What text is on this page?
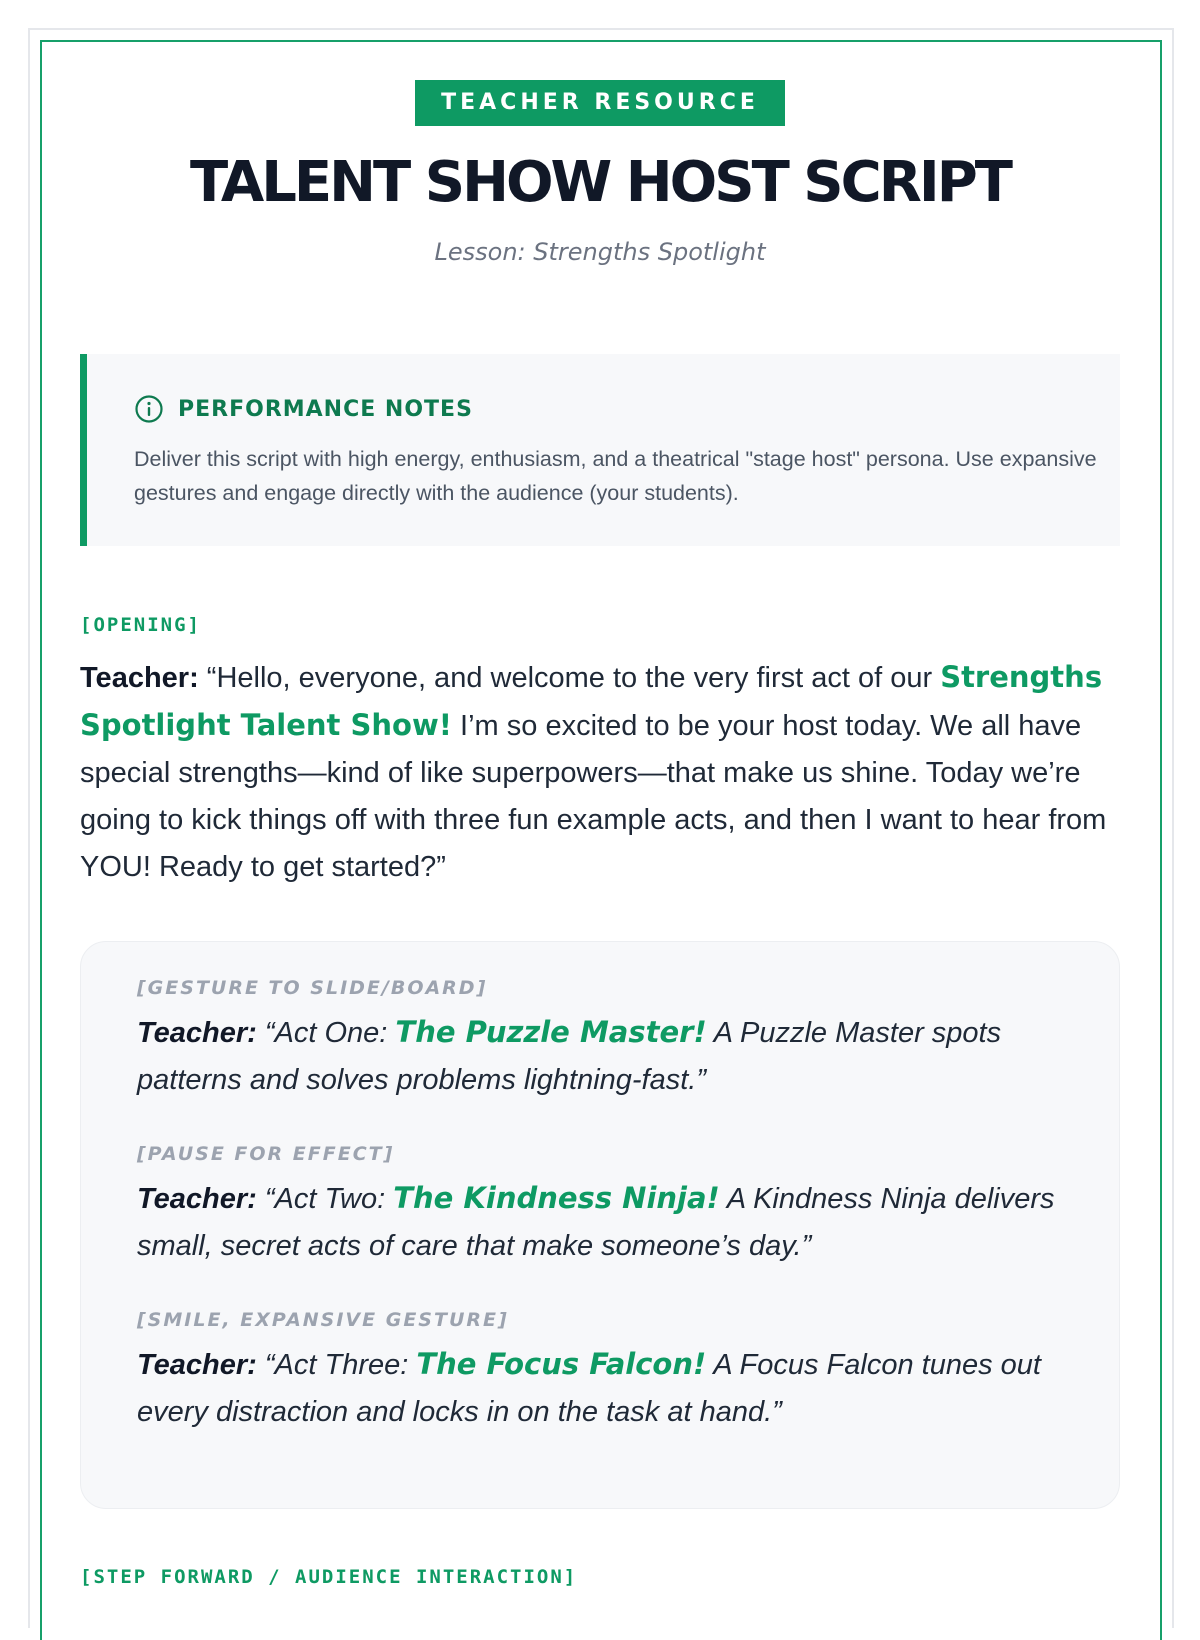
TEACHER RESOURCE
TALENT SHOW HOST SCRIPT
Lesson: Strengths Spotlight
PERFORMANCE NOTES

Deliver this script with high energy, enthusiasm, and a theatrical "stage host" persona. Use expansive gestures and engage directly with the audience (your students).

[OPENING]

Teacher: “Hello, everyone, and welcome to the very first act of our Strengths Spotlight Talent Show! I’m so excited to be your host today. We all have special strengths—kind of like superpowers—that make us shine. Today we’re going to kick things off with three fun example acts, and then I want to hear from YOU! Ready to get started?”

[GESTURE TO SLIDE/BOARD]

Teacher: “Act One: The Puzzle Master! A Puzzle Master spots patterns and solves problems lightning-fast.”

[PAUSE FOR EFFECT]

Teacher: “Act Two: The Kindness Ninja! A Kindness Ninja delivers small, secret acts of care that make someone’s day.”

[SMILE, EXPANSIVE GESTURE]

Teacher: “Act Three: The Focus Falcon! A Focus Falcon tunes out every distraction and locks in on the task at hand.”

[STEP FORWARD / AUDIENCE INTERACTION]
